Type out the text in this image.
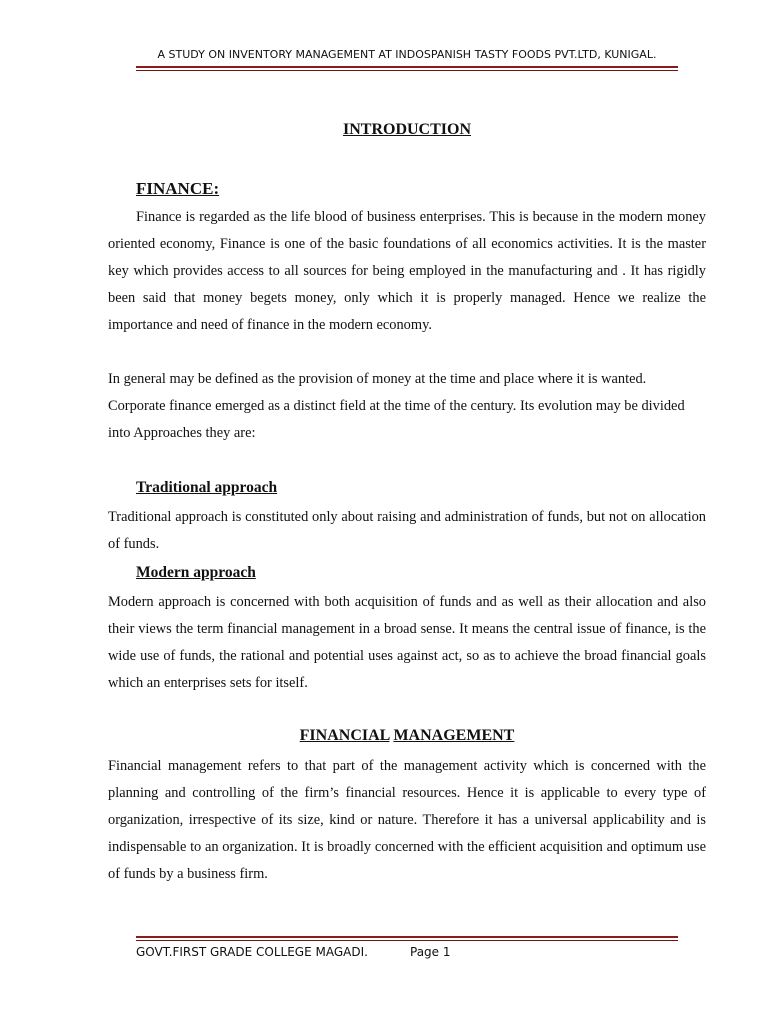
A STUDY ON INVENTORY MANAGEMENT AT INDOSPANISH TASTY FOODS PVT.LTD, KUNIGAL.
INTRODUCTION
FINANCE:

Finance is regarded as the life blood of business enterprises. This is because in the modern money oriented economy, Finance is one of the basic foundations of all economics activities. It is the master key which provides access to all sources for being employed in the manufacturing and . It has rigidly been said that money begets money, only which it is properly managed. Hence we realize the importance and need of finance in the modern economy.

In general may be defined as the provision of money at the time and place where it is wanted. Corporate finance emerged as a distinct field at the time of the century. Its evolution may be divided into Approaches they are:

Traditional approach

Traditional approach is constituted only about raising and administration of funds, but not on allocation of funds.

Modern approach

Modern approach is concerned with both acquisition of funds and as well as their allocation and also their views the term financial management in a broad sense. It means the central issue of finance, is the wide use of funds, the rational and potential uses against act, so as to achieve the broad financial goals which an enterprises sets for itself.

FINANCIAL MANAGEMENT

Financial management refers to that part of the management activity which is concerned with the planning and controlling of the firm’s financial resources. Hence it is applicable to every type of organization, irrespective of its size, kind or nature. Therefore it has a universal applicability and is indispensable to an organization. It is broadly concerned with the efficient acquisition and optimum use of funds by a business firm.

GOVT.FIRST GRADE COLLEGE MAGADI.	Page 1
